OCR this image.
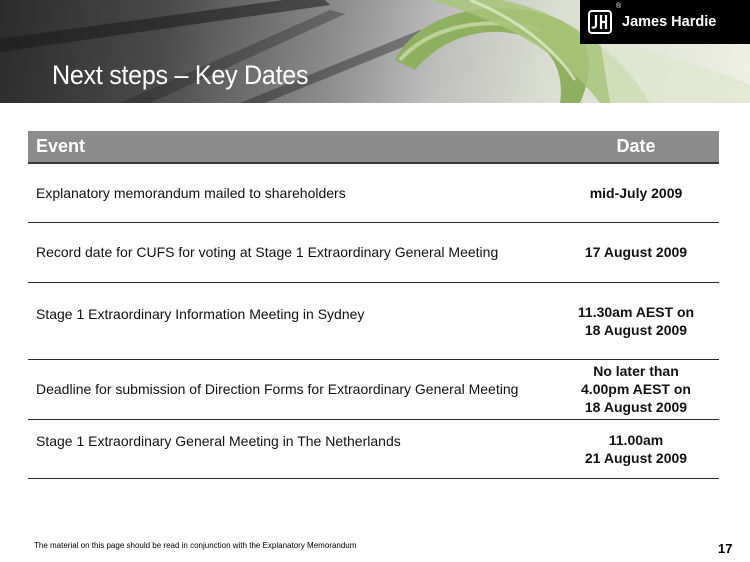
Next steps – Key Dates
James Hardie
®
Event	Date
Explanatory memorandum mailed to shareholders	mid-July 2009

Record date for CUFS for voting at Stage 1 Extraordinary General Meeting	17 August 2009

Stage 1 Extraordinary Information Meeting in Sydney	11.30am AEST on
18 August 2009

Deadline for submission of Direction Forms for Extraordinary General Meeting	No later than
4.00pm AEST on
18 August 2009

Stage 1 Extraordinary General Meeting in The Netherlands	11.00am
21 August 2009
The material on this page should be read in conjunction with the Explanatory Memorandum	17
